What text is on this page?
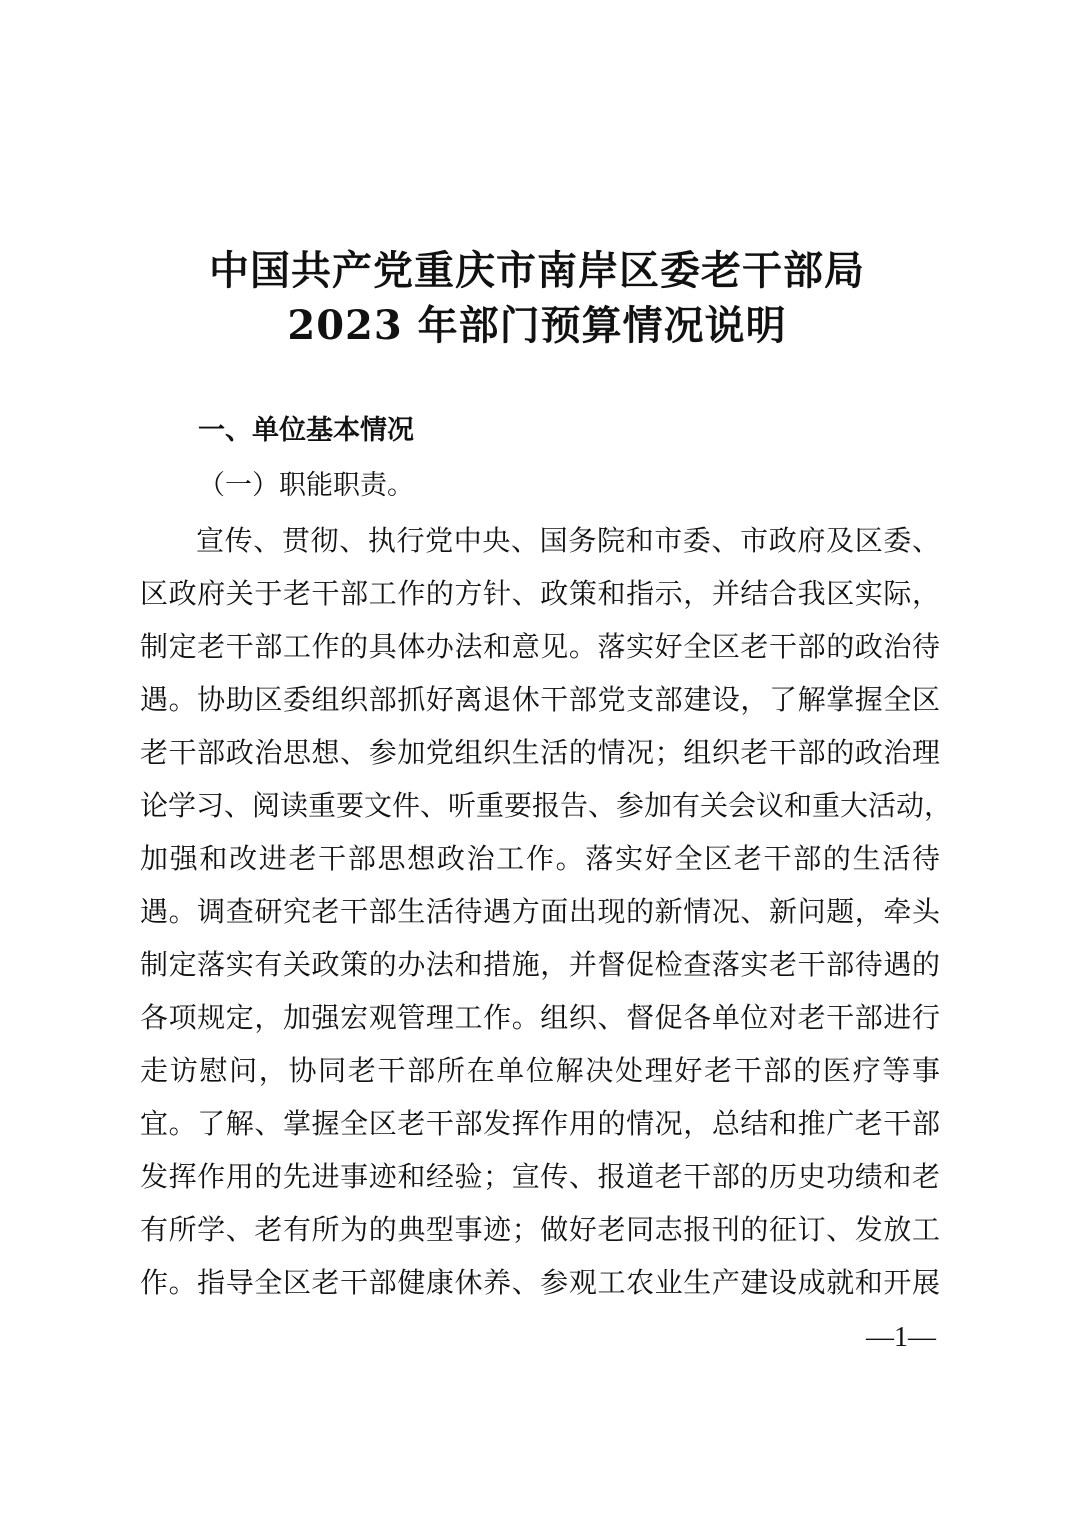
中国共产党重庆市南岸区委老干部局
2023 年部门预算情况说明
一、单位基本情况
（一）职能职责。
宣传、贯彻、执行党中央、国务院和市委、市政府及区委、
区政府关于老干部工作的方针、政策和指示，并结合我区实际，
制定老干部工作的具体办法和意见。落实好全区老干部的政治待
遇。协助区委组织部抓好离退休干部党支部建设，了解掌握全区
老干部政治思想、参加党组织生活的情况；组织老干部的政治理
论学习、阅读重要文件、听重要报告、参加有关会议和重大活动，
加强和改进老干部思想政治工作。落实好全区老干部的生活待
遇。调查研究老干部生活待遇方面出现的新情况、新问题，牵头
制定落实有关政策的办法和措施，并督促检查落实老干部待遇的
各项规定，加强宏观管理工作。组织、督促各单位对老干部进行
走访慰问，协同老干部所在单位解决处理好老干部的医疗等事
宜。了解、掌握全区老干部发挥作用的情况，总结和推广老干部
发挥作用的先进事迹和经验；宣传、报道老干部的历史功绩和老
有所学、老有所为的典型事迹；做好老同志报刊的征订、发放工
作。指导全区老干部健康休养、参观工农业生产建设成就和开展
—1—
